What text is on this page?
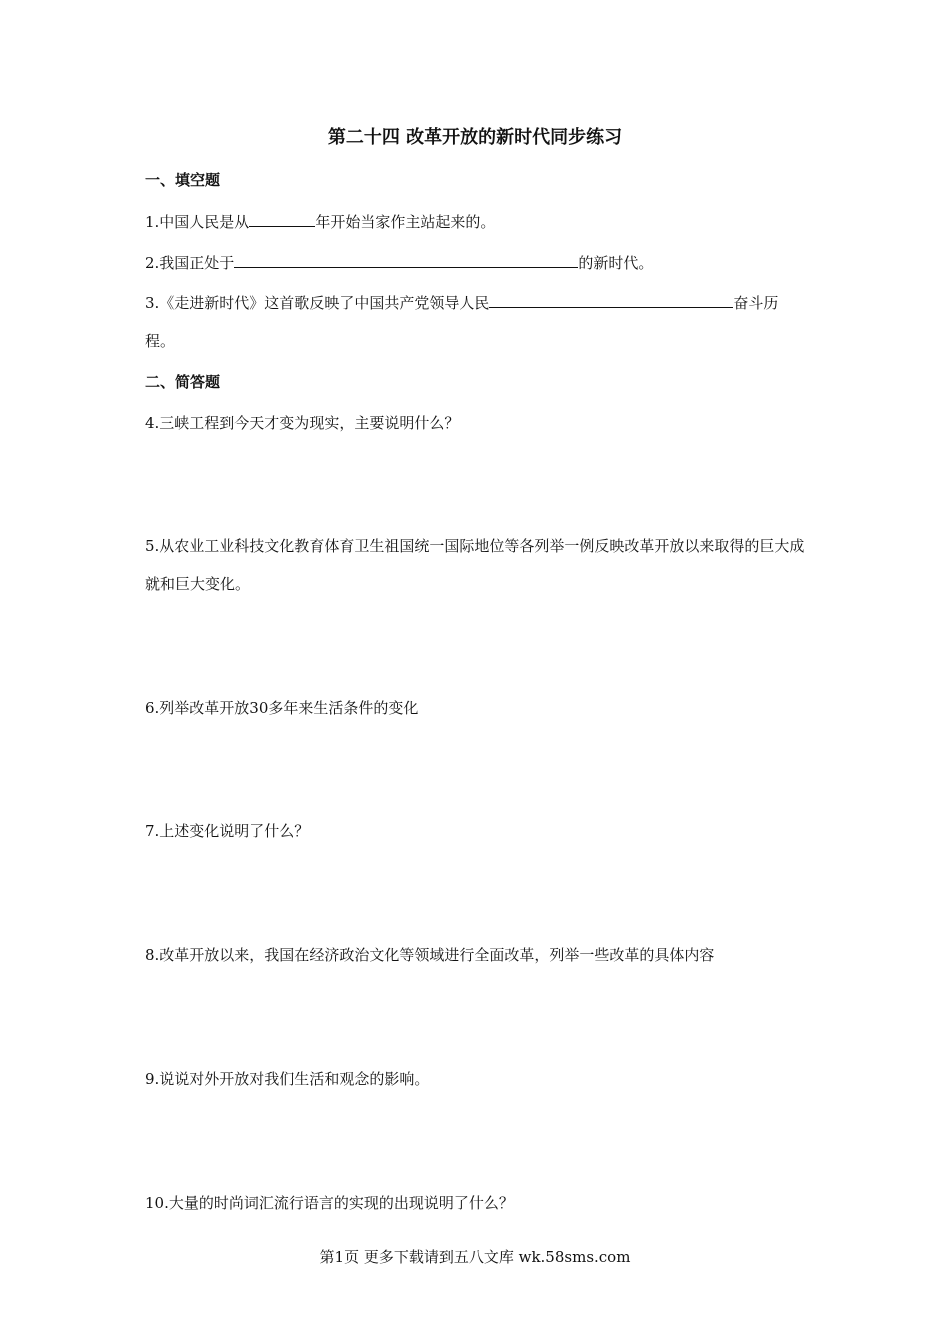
第二十四 改革开放的新时代同步练习
一、填空题
1.中国人民是从	年开始当家作主站起来的。
2.我国正处于	的新时代。
3.《走进新时代》这首歌反映了中国共产党领导人民	奋斗历程。
二、简答题
4.三峡工程到今天才变为现实，主要说明什么？
5.从农业工业科技文化教育体育卫生祖国统一国际地位等各列举一例反映改革开放以来取得的巨大成就和巨大变化。
6.列举改革开放30多年来生活条件的变化
7.上述变化说明了什么？
8.改革开放以来，我国在经济政治文化等领域进行全面改革，列举一些改革的具体内容
9.说说对外开放对我们生活和观念的影响。
10.大量的时尚词汇流行语言的实现的出现说明了什么？
第1页 更多下载请到五八文库 wk.58sms.com
